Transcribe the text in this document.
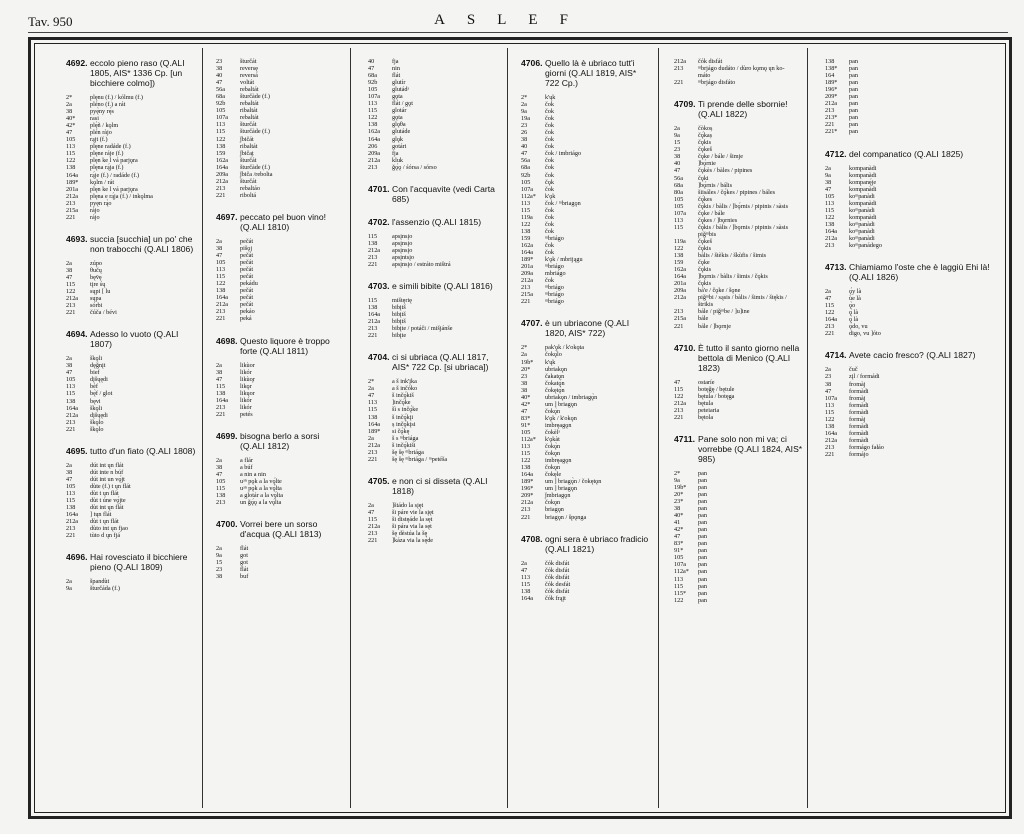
Tav. 950	ASLEF
4692. eccolo pieno raso (Q.ALI 1805, AIS* 1336 Cp. [un bicchiere colmo])
2*	plęnu (f.) / kólmu (f.)
2a	pléno (f.) a rát
38	pyę̀ny rę̀s
40*	rasi
42*	plę̀ñ / kǫlm
47	plén ràjo
105	rąjt (f.)
113	plęne radáde (f.)
115	plęne ráje (f.)
122	plęn ke l vá parjǫra
138	plęna rą́ja (f.)
164a	rą́je (f.) / radáde (f.)
189*	kǫlm / rát
201a	plęn ke l vá parjǫra
212a	plęna e rą́ja (f.) / inkǫlma
213	pyęn rą̀o
215a	rájo
221	rájo
4693. succia [succhia] un po' che non trabocchi (Q.ALI 1806)
2a	zúpo
38	θučų
47	bęv̄ę
115	tįre śų
122	sųpi [ lu
212a	sųpa
213	sórbi
221	čúča / bévi
4694. Adesso lo vuoto (Q.ALI 1807)
2a	škǫli
38	dęǧnįt
47	bief
105	dįšųędi
113	bèf
115	bę̀f / glot
138	bęvi
164a	škǫli
212a	dįšųędi
213	škǫlo
221	škǫlo
4695. tutto d'un fiato (Q.ALI 1808)
2a	dút int ųn flát
38	dút inte n búf
47	dút int un vǫ́jt
105	dùte (f.) t ųn flát
113	dùt t ųn flát
115	dùt t úne vǫ́jte
138	dùt int ųn flát
164a	] tųn flát
212a	dùt t ųn flát
213	dùto int ųn fjao
221	tùto d ųn fjá
4696. Hai rovesciato il bicchiere pieno (Q.ALI 1809)
2a	špandùt
9a	šturčáda (f.)
23	šturčát
38	reversę
40	reversá
47	voltát
56a	rebaltát
68a	šturčàde (f.)
92b	rebaltát
105	ribaltát
107a	rebaltát
113	šturčát
115	šturčàde (f.)
122	ǰbičát
138	ribaltát
159	ǰbiča̧t
162a	šturčát
164a	šturčàde (f.)
209a	ǰbiča /rebolta
212a	šturčát
213	rebaltáo
221	riboltá
4697. peccato pel buon vino! (Q.ALI 1810)
2a	pečát
38	pišǫj
47	pečát
105	pečát
113	pečát
115	pečát
122	pekádu
138	pečát
164a	pečát
212a	pečát
213	pekáo
221	peká
4698. Questo liquore è troppo forte (Q.ALI 1811)
2a	likùor
38	likór
47	likùo̧r
115	likǫr
138	likųor
164a	likór
213	likór
221	petés
4699. bisogna berlo a sorsi (Q.ALI 1812)
2a	a flár
38	a búf
47	a nin a nin
105	uᵃⁿ pǫk a la vǫ́lte
115	uᵃⁿ pǫk a la vǫ́lta
138	a glotár a la vǫ́lta
213	un ǧǫ́ǫ a la vǫ́lta
4700. Vorrei bere un sorso d'acqua (Q.ALI 1813)
2a	flát
9a	got
15	got
23	flát
38	buf
40	fja
47	nin
68a	flát
92b	glutír
105	glutádᵃ
107a	gǫta
113	flát / gǫt
115	glotár
122	gǫta
138	glǫθa
162a	glutáde
164a	glǫk
206	gotári
209a	fja
212a	kluk
213	ǧǫ́ǫ / śórsa / sórso
4701. Con l'acquavite (vedi Carta 685)
4702. l'assenzio (Q.ALI 1815)
115	apsįnsįo
138	apsįnsįo
212a	apsįnsįo
213	apsįntsįo
221	apsįnsįo / estráto mištrá
4703. e simili bibite (Q.ALI 1816)
115	mištęrię
138	bibįtš
164a	bibįtš
212a	bibįtš
213	bibįte / potáči / mišjánše
221	bibįte
4704. ci si ubriaca (Q.ALI 1817, AIS* 722 Cp. [si ubriaca])
2*	a š ink'įka
2a	a š inčóko
47	š inčǫ́kiš
113	]inčǫ́ke
115	šì s inčǫ́ke
138	š inčǫ́kįi
164a	ș inčǫ́kįsi
189*	si čǫ̀kę
2a	š s ᵐbriága
212a	š inčǫ́kiši
213	šę šę ᵐbriága
221	šę šę ᵐbriága / ᵐpetéša
4705. e non ci si disseta (Q.ALI 1818)
2a	]štádo la sįęt
47	ši páre vie la sįęt
115	ši distęáde la sęt
212a	ši pára via la sęt
213	šę dèstúa la šę
221	]káza via la sę̀de
4706. Quello là è ubriaco tutt'i giorni (Q.ALI 1819, AIS* 722 Cp.)
2*	k'ųk
2a	čok
9a	čok
19a	čok
23	čok
26	čok
38	čok
40	čok
47	čok / imbriágo
56a	čok
68a	čok
92b	čok
105	čǫk
107a	čok
112a*	k'ǫk
113	čok / ᵐbriagǫn
115	čok
119a	čok
122	čok
138	čok
159	ᵐbriágo
162a	čok
164a	čok
189*	k'ǫk / mbrijągu
201a	ᵐbriágo
209a	mbriágo
212a	čok
213	ᵐbriágo
215a	ᵐbriágo
221	ᵐbriágo
4707. è un ubriacone (Q.ALI 1820, AIS* 722)
2*	pak'ǫk / k'okǫta
2a	čokǫ̀lo
19b*	k'ųk
20*	ubriakǫn
23	čakatǫn
38	čokatǫ́n
38	čokętǫ̀n
40*	ubriakǫn / imbriagǫ̀n
42*	um ] briagǫn
47	čokǫ̀n
83*	k'ǫk / k'okǫn
91*	imbręagǫn
105	čokèlᵃ
112a*	k'ǫkàt
113	čokǫ̀n
115	čokǫn
122	imbręagǫn
138	čokǫn
164a	čokęle
189*	um ] briagǫ̀n / čokętǫn
196*	um ] briagǫn
209*	ǰmbriagǫn
212a	čokǫn
213	briagǫn
221	briagǫn / špǫnga
4708. ogni sera è ubriaco fradicio (Q.ALI 1821)
2a	čók disfát
47	čók disfát
113	čók disfát
115	čók desfát
138	čók disfát
164a	čók frąįt
212a	čók disfát
213	ᵐbrjágo dudáto / dùro kǫmǫ ųn ko-
máto
221	ᵐbrjágo disfáto
4709. Ti prende delle sbornie! (Q.ALI 1822)
2a	čòkoș
9a	čǫ́kaș
15	čǫkis
23	čǫkeš
38	čǫke / bále / šimje
40	]bǫ́rnie
47	čǫkès / bàles / pipines
56a	čǫki
68a	]bǫ́rnis / bális
80a	šiisáles / čǫ́kes / pipines / báles
105	čǫ́kes
105	čǫ́kis / bàlis / ]bǫ́rnis / pipinis / sàsis
107a	čǫke / bále
113	čǫkes / ]bǫrnies
115	čǫ̀kis / bàlis / ]bǫrnis / pipinis / sàsis
piǧᵐbis
119a	čǫkeš
122	čǫkis
138	bàlis / štèkis / škùfis / šimis
159	čǫke
162a	čǫkis
164a	]bǫrnis / bàlis / šimis / čǫkis
201a	čǫkis
209a	bá'e / čǫke / šǫne
212a	piǧᵐbi / sąsis / bàlis / šimis / štękis /
štrikis
213	bále / piǧᵐbe / ]u]ine
215a	bále
221	bále / ]bǫrnje
4710. È tutto il santo giorno nella bettola di Menico (Q.ALI 1823)
47	ostaríe
115	botęǧę / bętule
122	bętula / botęga
212a	bętula
213	peteiaria
221	bętola
4711. Pane solo non mi va; ci vorrebbe (Q.ALI 1824, AIS* 985)
2*	pan
9a	pan
19b*	pan
20*	pan
23*	pan
38	pan
40*	pan
41	pan
42*	pan
47	pan
83*	pan
91*	pan
105	pan
107a	pan
112a*	pan
113	pan
115	pan
115*	pan
122	pan
138	pan
138*	pan
164	pan
189*	pan
196*	pan
209*	pan
212a	pan
213	pan
213*	pan
221	pan
221*	pan
4712. del companatico (Q.ALI 1825)
2a	kompanàdi
9a	kompanàdi
38	kompanę́je
47	kompanàdi
105	koᵐpanàdi
113	kompanàdi
115	koᵐpanàdi
122	kompanàdi
138	koᵐpanàdi
164a	koᵐpanàdi
212a	koᵐpanàdi
213	koᵐpanádego
4713. Chiamiamo l'oste che è laggiù Ehi là! (Q.ALI 1826)
2a	ǫ́y là
47	ùe là
115	ǫ̀o
122	ǫ̀ là
164a	ǫ̀ là
213	ǫ́do, vu
221	digo, vu ]óto
4714. Avete cacio fresco? (Q.ALI 1827)
2a	čuč
23	zįl / formádi
38	fromàj
47	formàdi
107a	fromàj
113	formàdi
115	formàdi
122	formàj
138	formàdi
164a	formàdi
212a	formàdi
213	formágo fałáo
221	formájo
